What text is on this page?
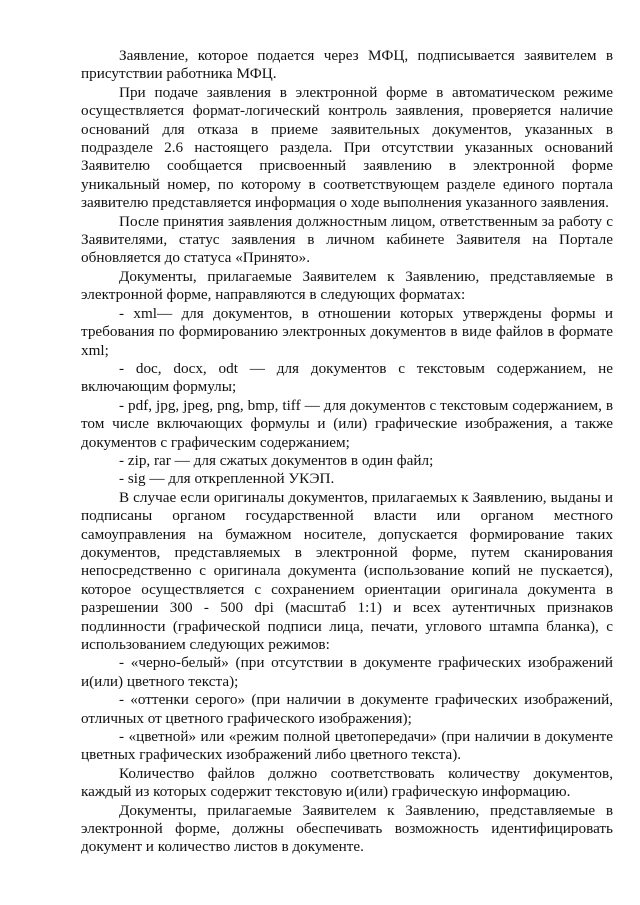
Заявление, которое подается через МФЦ, подписывается заявителем в присутствии работника МФЦ.

При подаче заявления в электронной форме в автоматическом режиме осуществляется формат-логический контроль заявления, проверяется наличие оснований для отказа в приеме заявительных документов, указанных в подразделе 2.6 настоящего раздела. При отсутствии указанных оснований Заявителю сообщается присвоенный заявлению в электронной форме уникальный номер, по которому в соответствующем разделе единого портала заявителю представляется информация о ходе выполнения указанного заявления.

После принятия заявления должностным лицом, ответственным за работу с Заявителями, статус заявления в личном кабинете Заявителя на Портале обновляется до статуса «Принято».

Документы, прилагаемые Заявителем к Заявлению, представляемые в электронной форме, направляются в следующих форматах:

- xml— для документов, в отношении которых утверждены формы и требования по формированию электронных документов в виде файлов в формате xml;

- doc, docx, odt — для документов с текстовым содержанием, не включающим формулы;

- pdf, jpg, jpeg, png, bmp, tiff — для документов с текстовым содержанием, в том числе включающих формулы и (или) графические изображения, а также документов с графическим содержанием;

- zip, rar — для сжатых документов в один файл;

- sig — для открепленной УКЭП.

В случае если оригиналы документов, прилагаемых к Заявлению, выданы и подписаны органом государственной власти или органом местного самоуправления на бумажном носителе, допускается формирование таких документов, представляемых в электронной форме, путем сканирования непосредственно с оригинала документа (использование копий не пускается), которое осуществляется с сохранением ориентации оригинала документа в разрешении 300 - 500 dpi (масштаб 1:1) и всех аутентичных признаков подлинности (графической подписи лица, печати, углового штампа бланка), с использованием следующих режимов:

- «черно-белый» (при отсутствии в документе графических изображений и(или) цветного текста);

- «оттенки серого» (при наличии в документе графических изображений, отличных от цветного графического изображения);

- «цветной» или «режим полной цветопередачи» (при наличии в документе цветных графических изображений либо цветного текста).

Количество файлов должно соответствовать количеству документов, каждый из которых содержит текстовую и(или) графическую информацию.

Документы, прилагаемые Заявителем к Заявлению, представляемые в электронной форме, должны обеспечивать возможность идентифицировать документ и количество листов в документе.
